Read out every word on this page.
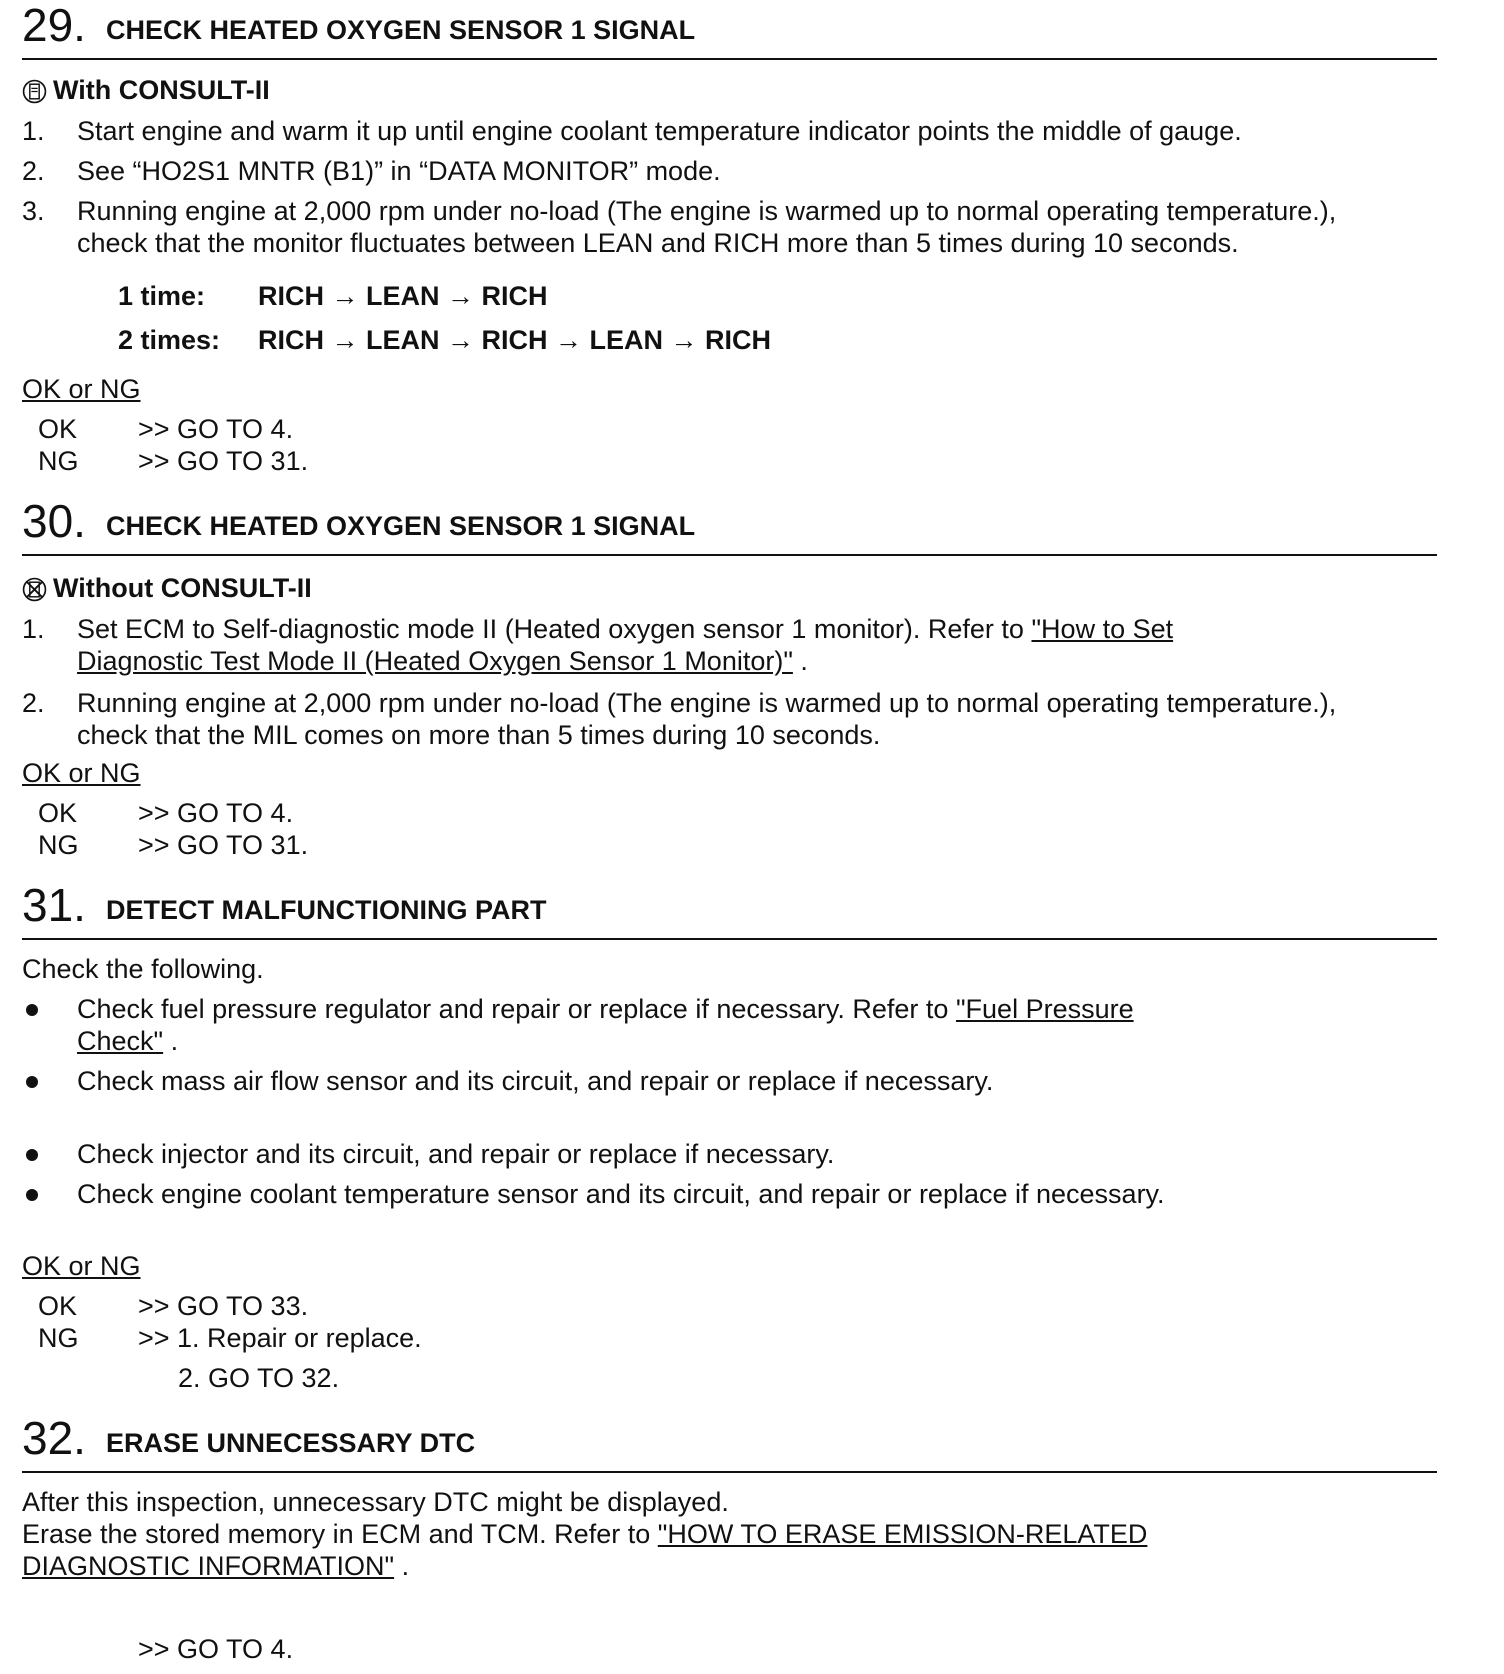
29. CHECK HEATED OXYGEN SENSOR 1 SIGNAL
With CONSULT-II
1. Start engine and warm it up until engine coolant temperature indicator points the middle of gauge.
2. See “HO2S1 MNTR (B1)” in “DATA MONITOR” mode.
3. Running engine at 2,000 rpm under no-load (The engine is warmed up to normal operating temperature.),
check that the monitor fluctuates between LEAN and RICH more than 5 times during 10 seconds.
1 time: RICH → LEAN → RICH
2 times: RICH → LEAN → RICH → LEAN → RICH
OK or NG
OK >> GO TO 4.
NG >> GO TO 31.
30. CHECK HEATED OXYGEN SENSOR 1 SIGNAL
Without CONSULT-II
1. Set ECM to Self-diagnostic mode II (Heated oxygen sensor 1 monitor). Refer to "How to Set
Diagnostic Test Mode II (Heated Oxygen Sensor 1 Monitor)" .
2. Running engine at 2,000 rpm under no-load (The engine is warmed up to normal operating temperature.),
check that the MIL comes on more than 5 times during 10 seconds.
OK or NG
OK >> GO TO 4.
NG >> GO TO 31.
31. DETECT MALFUNCTIONING PART
Check the following.
Check fuel pressure regulator and repair or replace if necessary. Refer to "Fuel Pressure
Check" .
Check mass air flow sensor and its circuit, and repair or replace if necessary.
Check injector and its circuit, and repair or replace if necessary.
Check engine coolant temperature sensor and its circuit, and repair or replace if necessary.
OK or NG
OK >> GO TO 33.
NG >> 1. Repair or replace.
2. GO TO 32.
32. ERASE UNNECESSARY DTC
After this inspection, unnecessary DTC might be displayed.
Erase the stored memory in ECM and TCM. Refer to "HOW TO ERASE EMISSION-RELATED
DIAGNOSTIC INFORMATION" .
>> GO TO 4.
